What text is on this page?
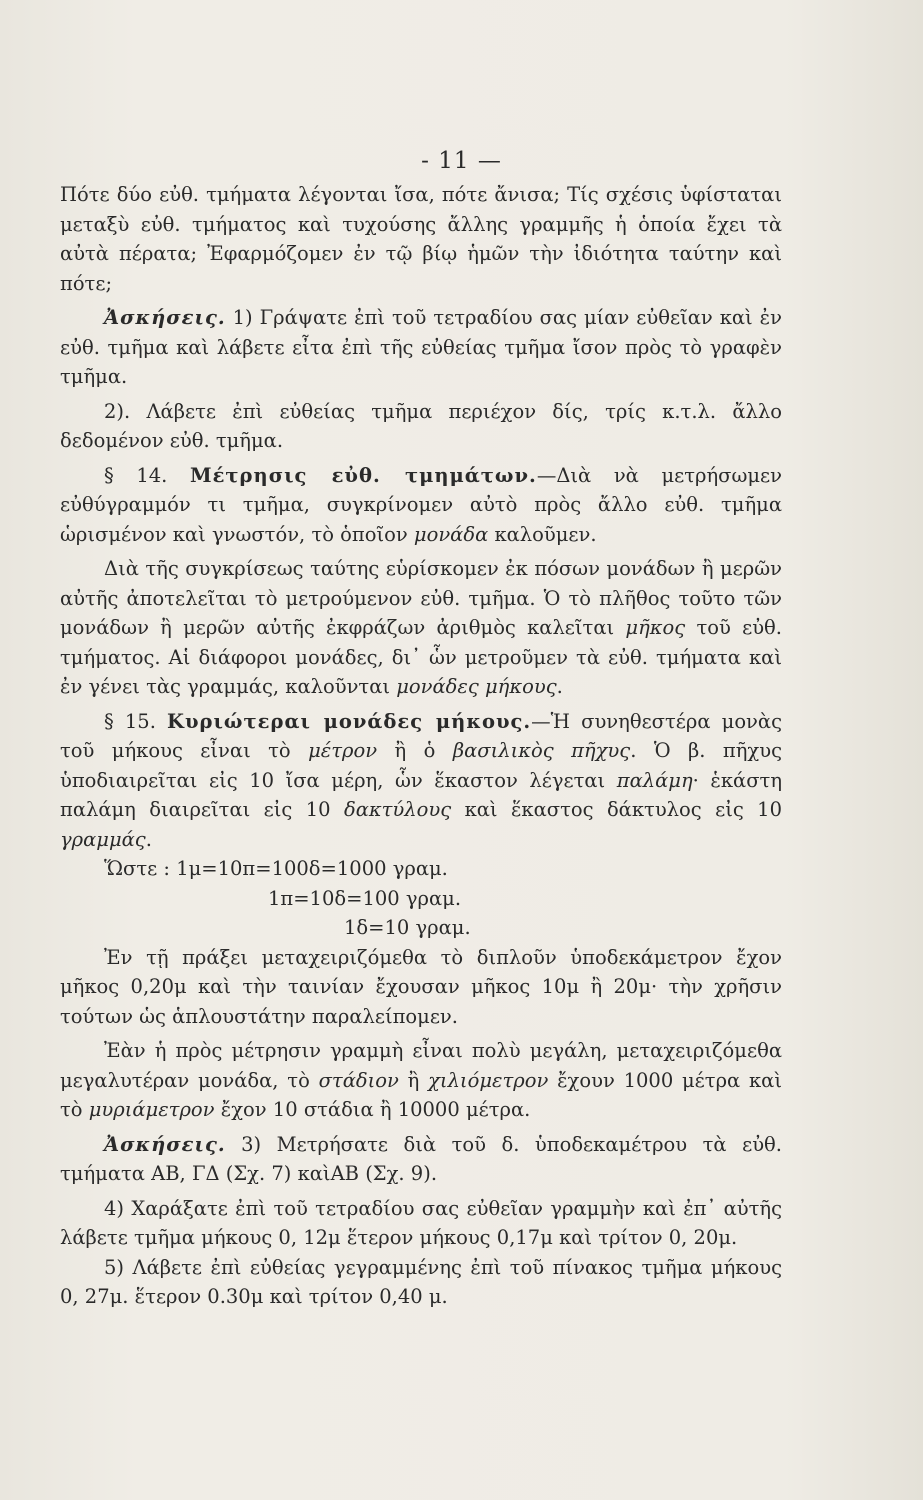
- 11 —

Πότε δύο εὐθ. τμήματα λέγονται ἴσα, πότε ἄνισα; Τίς σχέσις ὑφίσταται μεταξὺ εὐθ. τμήματος καὶ τυχούσης ἄλλης γραμμῆς ἡ ὁποία ἔχει τὰ αὐτὰ πέρατα; Ἐφαρμόζομεν ἐν τῷ βίῳ ἡμῶν τὴν ἰδιότητα ταύτην καὶ πότε;

Ἀσκήσεις. 1) Γράψατε ἐπὶ τοῦ τετραδίου σας μίαν εὐθεῖαν καὶ ἐν εὐθ. τμῆμα καὶ λάβετε εἶτα ἐπὶ τῆς εὐθείας τμῆμα ἴσον πρὸς τὸ γραφὲν τμῆμα.

2). Λάβετε ἐπὶ εὐθείας τμῆμα περιέχον δίς, τρίς κ.τ.λ. ἄλλο δεδομένον εὐθ. τμῆμα.

§ 14. Μέτρησις εὐθ. τμημάτων.—Διὰ νὰ μετρήσωμεν εὐθύγραμμόν τι τμῆμα, συγκρίνομεν αὐτὸ πρὸς ἄλλο εὐθ. τμῆμα ὡρισμένον καὶ γνωστόν, τὸ ὁποῖον μονάδα καλοῦμεν.

Διὰ τῆς συγκρίσεως ταύτης εὑρίσκομεν ἐκ πόσων μονάδων ἢ μερῶν αὐτῆς ἀποτελεῖται τὸ μετρούμενον εὐθ. τμῆμα. Ὁ τὸ πλῆθος τοῦτο τῶν μονάδων ἢ μερῶν αὐτῆς ἐκφράζων ἀριθμὸς καλεῖται μῆκος τοῦ εὐθ. τμήματος. Αἱ διάφοροι μονάδες, δι᾽ ὧν μετροῦμεν τὰ εὐθ. τμήματα καὶ ἐν γένει τὰς γραμμάς, καλοῦνται μονάδες μήκους.

§ 15. Κυριώτεραι μονάδες μήκους.—Ἡ συνηθεστέρα μονὰς τοῦ μήκους εἶναι τὸ μέτρον ἢ ὁ βασιλικὸς πῆχυς. Ὁ β. πῆχυς ὑποδιαιρεῖται εἰς 10 ἴσα μέρη, ὧν ἕκαστον λέγεται παλάμη· ἑκάστη παλάμη διαιρεῖται εἰς 10 δακτύλους καὶ ἕκαστος δάκτυλος εἰς 10 γραμμάς.

Ὥστε : 1μ=10π=100δ=1000 γραμ.

1π=10δ=100 γραμ.

1δ=10 γραμ.

Ἐν τῇ πράξει μεταχειριζόμεθα τὸ διπλοῦν ὑποδεκάμετρον ἔχον μῆκος 0,20μ καὶ τὴν ταινίαν ἔχουσαν μῆκος 10μ ἢ 20μ· τὴν χρῆσιν τούτων ὡς ἁπλουστάτην παραλείπομεν.

Ἐὰν ἡ πρὸς μέτρησιν γραμμὴ εἶναι πολὺ μεγάλη, μεταχειριζόμεθα μεγαλυτέραν μονάδα, τὸ στάδιον ἢ χιλιόμετρον ἔχουν 1000 μέτρα καὶ τὸ μυριάμετρον ἔχον 10 στάδια ἢ 10000 μέτρα.

Ἀσκήσεις. 3) Μετρήσατε διὰ τοῦ δ. ὑποδεκαμέτρου τὰ εὐθ. τμήματα ΑΒ, ΓΔ (Σχ. 7) καὶΑΒ (Σχ. 9).

4) Χαράξατε ἐπὶ τοῦ τετραδίου σας εὐθεῖαν γραμμὴν καὶ ἐπ᾽ αὐτῆς λάβετε τμῆμα μήκους 0, 12μ ἕτερον μήκους 0,17μ καὶ τρίτον 0, 20μ.

5) Λάβετε ἐπὶ εὐθείας γεγραμμένης ἐπὶ τοῦ πίνακος τμῆμα μήκους 0, 27μ. ἕτερον 0.30μ καὶ τρίτον 0,40 μ.
